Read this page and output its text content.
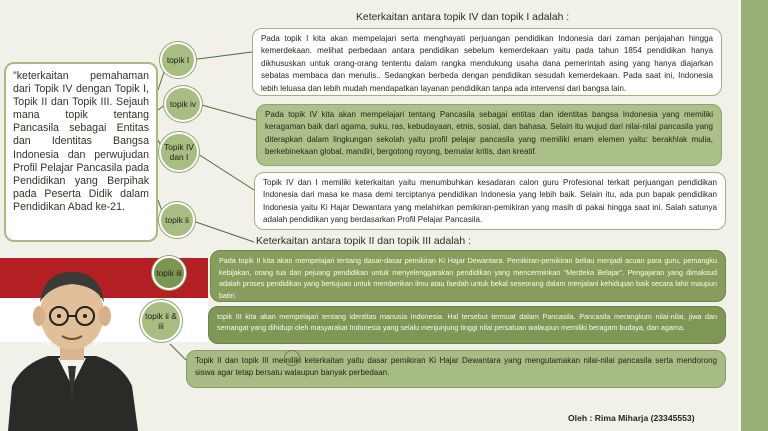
"keterkaitan pemahaman dari Topik IV dengan Topik I, Topik II dan Topik III. Sejauh mana topik tentang Pancasila sebagai Entitas dan Identitas Bangsa Indonesia dan perwujudan Profil Pelajar Pancasila pada Pendidikan yang Berpihak pada Peserta Didik dalam Pendidikan Abad ke-21.
Keterkaitan antara topik IV dan topik I adalah :
Keterkaitan antara topik II dan topik III adalah :
topik I
topik iv
Topik IV dan I
topik ii
topik iii
topik ii & iii
Pada topik I kita akan mempelajari serta menghayati perjuangan pendidikan Indonesia dari zaman penjajahan hingga kemerdekaan. melihat perbedaan antara pendidikan sebelum kemerdekaan yaitu pada tahun 1854 pendidikan hanya dikhususkan untuk orang-orang tententu dalam rangka mendukung usaha dana pemerintah asing yang hanya diajarkan sebatas membaca dan menulis.. Sedangkan berbeda dengan pendidikan sesudah kemerdekaan. Pada saat ini, Indonesia lebih leluasa dan lebih mudah mendapatkan layanan pendidikan tanpa ada intervensi dari bangsa lain.
Pada topik IV kita akan mempelajari tentang Pancasila sebagai entitas dan identitas bangsa Indonesia yang memiliki keragaman baik dari agama, suku, ras, kebudayaan, etnis, sosial, dan bahasa. Selain itu wujud dari nilai-nilai pancasila yang diterapkan dalam lingkungan sekolah yaitu profil pelajar pancasila yang memiliki enam elemen yaitu: berakhlak mulia, berkebinekaan global, mandiri, bergotong royong, bernalar kritis, dan kreatif.
Topik IV dan I memiliki keterkaitan yaitu menumbuhkan kesadaran calon guru Profesional terkait perjuangan pendidikan Indonesia dari masa ke masa demi terciptanya pendidikan Indonesia yang lebih baik. Selain itu, ada pun bapak pendidikan Indonesia yaitu Ki Hajar Dewantara yang melahirkan pemikiran-pemikiran yang masih di pakai hingga saat ini. Salah satunya adalah pendidikan yang berdasarkan Profil Pelajar Pancasila.
Pada topik II kita akan mempelajari tentang dasar-dasar pemikiran Ki Hajar Dewantara. Pemikiran-pemikiran beliau menjadi acuan para guru, pemangku kebijakan, orang tua dan pejuang pendidikan untuk menyelenggarakan pendidikan yang mencerminkan "Merdeka Belajar". Pengajaran yang dimaksud adalah proses pendidikan yang bertujuan untuk memberikan ilmu atau faedah untuk bekal seseorang dalam menjalani kehidupan baik secara lahir maupun batin.
topik III kita akan mempelajari tentang identitas manusia Indonesia. Hal tersebut termuat dalam Pancasila. Pancasila merangkum nilai-nilai, jiwa dan semangat yang dihidupi oleh masyarakat Indonesia yang selalu menjunjung tinggi nilai persatuan walaupun memiliki beragam budaya, dan agama.
Topik II dan topik III memiliki keterkaitan yaitu dasar pemikiran Ki Hajar Dewantara yang mengutamakan nilai-nilai pancasila serta mendorong siswa agar tetap bersatu walaupun banyak perbedaan.
Oleh : Rima Miharja (23345553)
